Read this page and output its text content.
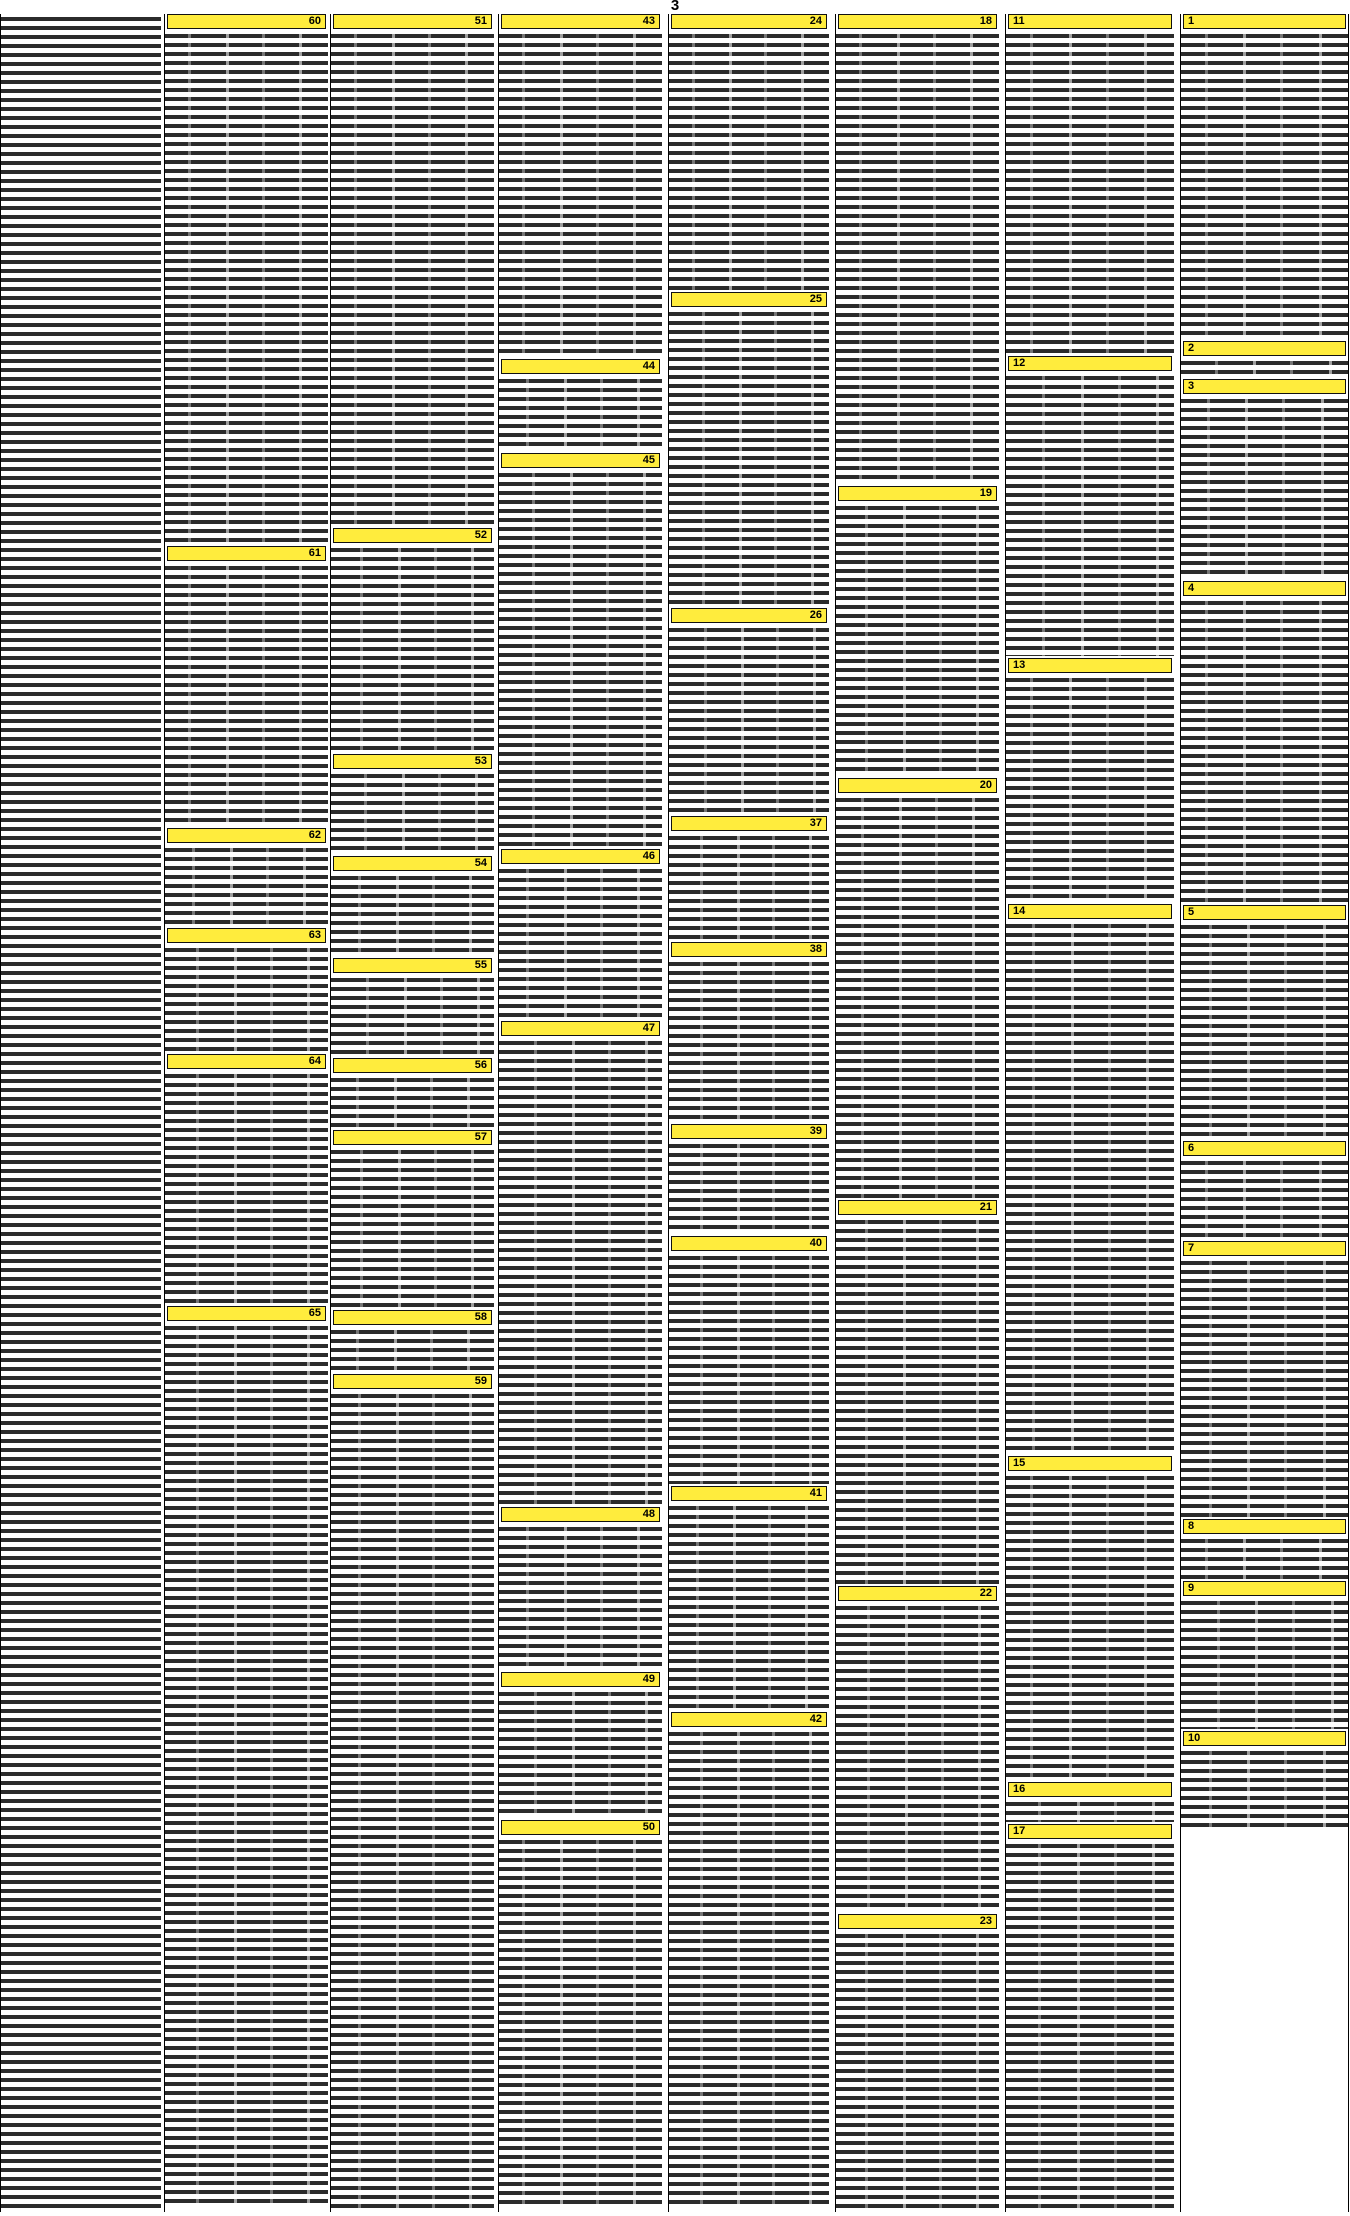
3
1
2
3
4
5
6
7
8
9
10
11
12
13
14
15
16
17
18
19
20
21
22
23
24
25
26
37
38
39
40
41
42
43
44
45
46
47
48
49
50
51
52
53
54
55
56
57
58
59
60
61
62
63
64
65
